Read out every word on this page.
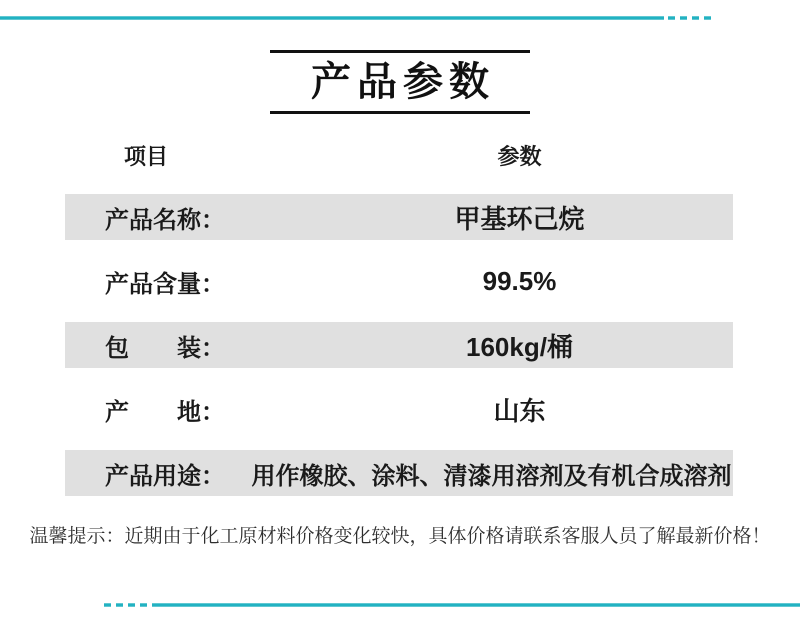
产品参数
项目	参数
产品名称：	甲基环己烷
产品含量：	99.5%
包　　装：	160kg/桶
产　　地：	山东
产品用途：	用作橡胶、涂料、清漆用溶剂及有机合成溶剂
温馨提示：近期由于化工原材料价格变化较快，具体价格请联系客服人员了解最新价格！
